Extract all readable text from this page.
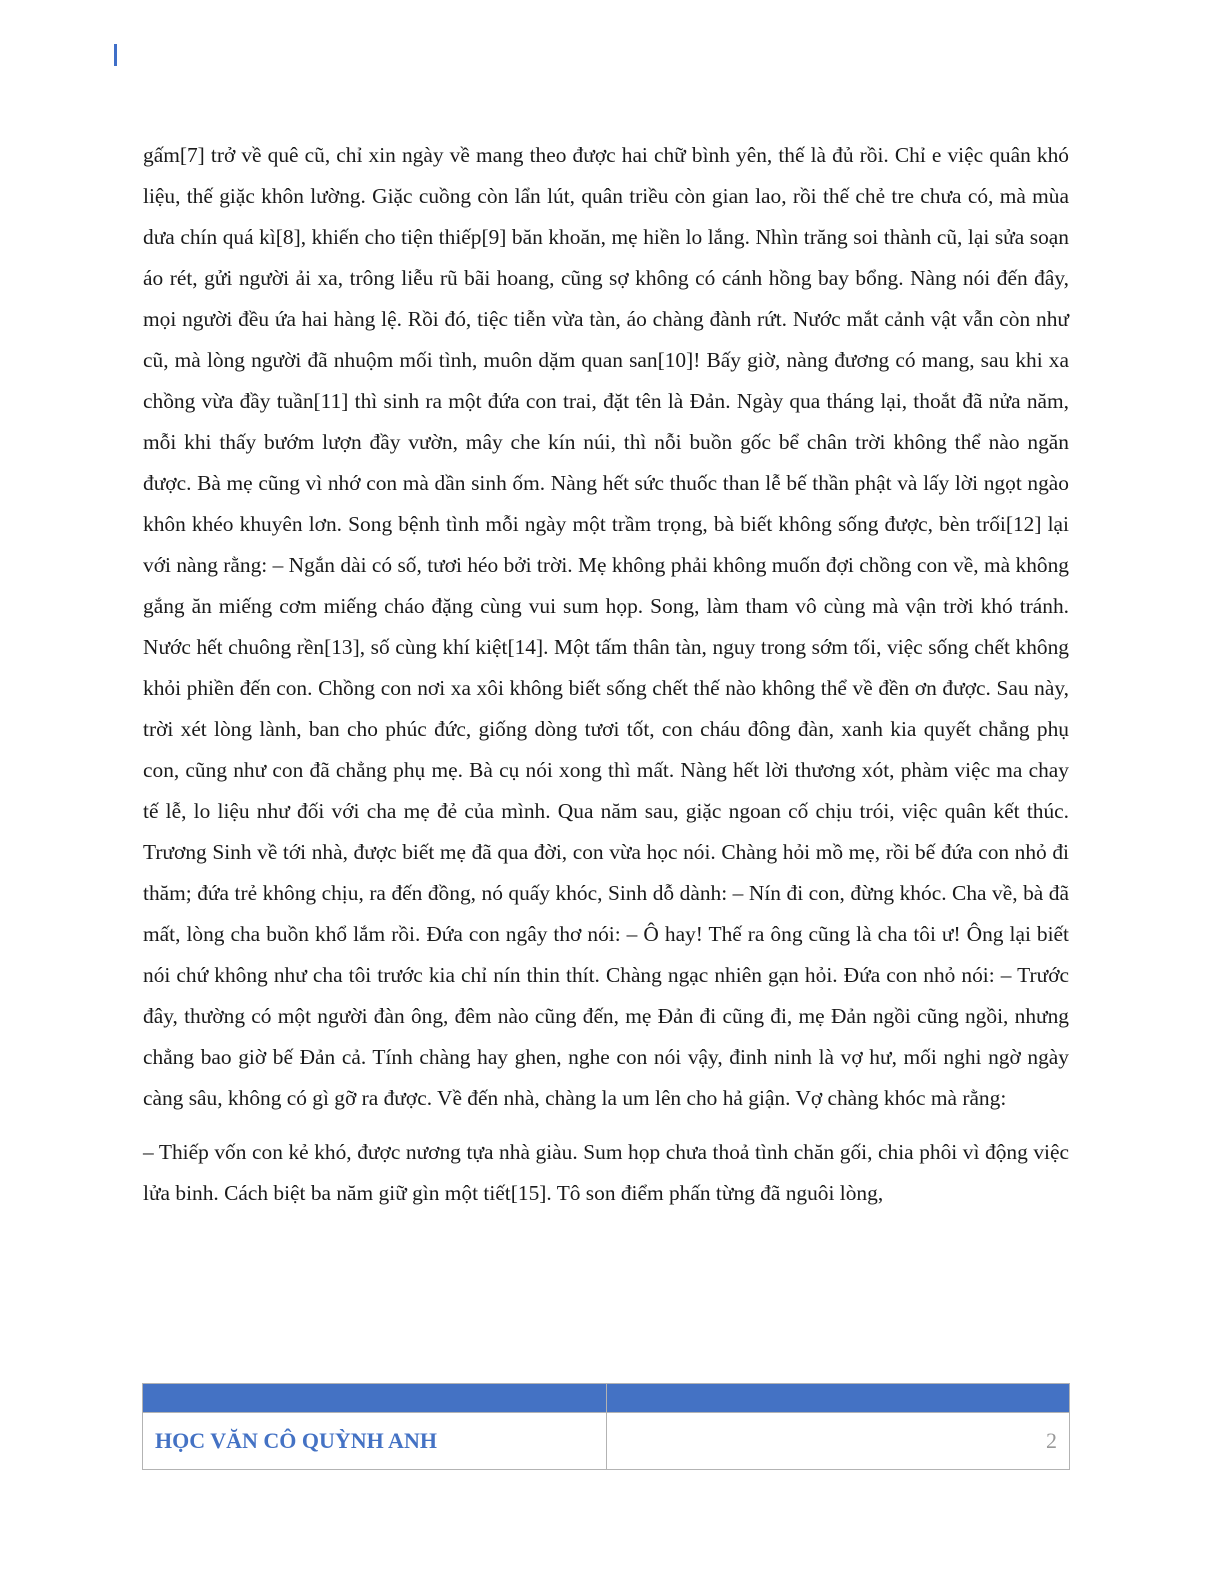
gấm[7] trở về quê cũ, chỉ xin ngày về mang theo được hai chữ bình yên, thế là đủ rồi. Chỉ e việc quân khó liệu, thế giặc khôn lường. Giặc cuồng còn lẩn lút, quân triều còn gian lao, rồi thế chẻ tre chưa có, mà mùa dưa chín quá kì[8], khiến cho tiện thiếp[9] băn khoăn, mẹ hiền lo lắng. Nhìn trăng soi thành cũ, lại sửa soạn áo rét, gửi người ải xa, trông liễu rũ bãi hoang, cũng sợ không có cánh hồng bay bổng. Nàng nói đến đây, mọi người đều ứa hai hàng lệ. Rồi đó, tiệc tiễn vừa tàn, áo chàng đành rứt. Nước mắt cảnh vật vẫn còn như cũ, mà lòng người đã nhuộm mối tình, muôn dặm quan san[10]! Bấy giờ, nàng đương có mang, sau khi xa chồng vừa đầy tuần[11] thì sinh ra một đứa con trai, đặt tên là Đản. Ngày qua tháng lại, thoắt đã nửa năm, mỗi khi thấy bướm lượn đầy vườn, mây che kín núi, thì nỗi buồn gốc bể chân trời không thể nào ngăn được. Bà mẹ cũng vì nhớ con mà dần sinh ốm. Nàng hết sức thuốc than lễ bế thần phật và lấy lời ngọt ngào khôn khéo khuyên lơn. Song bệnh tình mỗi ngày một trầm trọng, bà biết không sống được, bèn trối[12] lại với nàng rằng: – Ngắn dài có số, tươi héo bởi trời. Mẹ không phải không muốn đợi chồng con về, mà không gắng ăn miếng cơm miếng cháo đặng cùng vui sum họp. Song, làm tham vô cùng mà vận trời khó tránh. Nước hết chuông rền[13], số cùng khí kiệt[14]. Một tấm thân tàn, nguy trong sớm tối, việc sống chết không khỏi phiền đến con. Chồng con nơi xa xôi không biết sống chết thế nào không thể về đền ơn được. Sau này, trời xét lòng lành, ban cho phúc đức, giống dòng tươi tốt, con cháu đông đàn, xanh kia quyết chẳng phụ con, cũng như con đã chẳng phụ mẹ. Bà cụ nói xong thì mất. Nàng hết lời thương xót, phàm việc ma chay tế lễ, lo liệu như đối với cha mẹ đẻ của mình. Qua năm sau, giặc ngoan cố chịu trói, việc quân kết thúc. Trương Sinh về tới nhà, được biết mẹ đã qua đời, con vừa học nói. Chàng hỏi mồ mẹ, rồi bế đứa con nhỏ đi thăm; đứa trẻ không chịu, ra đến đồng, nó quấy khóc, Sinh dỗ dành: – Nín đi con, đừng khóc. Cha về, bà đã mất, lòng cha buồn khổ lắm rồi. Đứa con ngây thơ nói: – Ô hay! Thế ra ông cũng là cha tôi ư! Ông lại biết nói chứ không như cha tôi trước kia chỉ nín thin thít. Chàng ngạc nhiên gạn hỏi. Đứa con nhỏ nói: – Trước đây, thường có một người đàn ông, đêm nào cũng đến, mẹ Đản đi cũng đi, mẹ Đản ngồi cũng ngồi, nhưng chẳng bao giờ bế Đản cả. Tính chàng hay ghen, nghe con nói vậy, đinh ninh là vợ hư, mối nghi ngờ ngày càng sâu, không có gì gỡ ra được. Về đến nhà, chàng la um lên cho hả giận. Vợ chàng khóc mà rằng:

– Thiếp vốn con kẻ khó, được nương tựa nhà giàu. Sum họp chưa thoả tình chăn gối, chia phôi vì động việc lửa binh. Cách biệt ba năm giữ gìn một tiết[15]. Tô son điểm phấn từng đã nguôi lòng,

HỌC VĂN CÔ QUỲNH ANH	2
